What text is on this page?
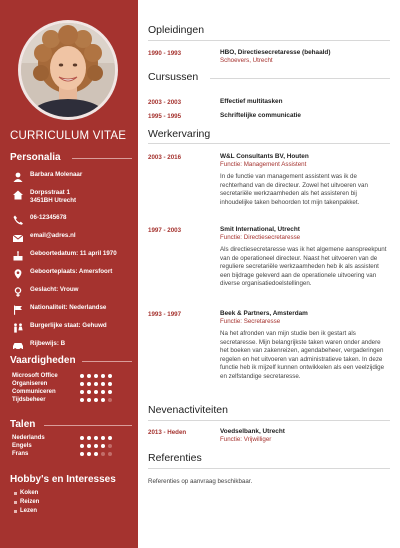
CURRICULUM VITAE
Personalia
Barbara Molenaar
Dorpsstraat 1
3451BH Utrecht
06-12345678
email@adres.nl
Geboortedatum: 11 april 1970
Geboorteplaats: Amersfoort
Geslacht: Vrouw
Nationaliteit: Nederlandse
Burgerlijke staat: Gehuwd
Rijbewijs: B
Vaardigheden
Microsoft Office
Organiseren
Communiceren
Tijdsbeheer
Talen
Nederlands
Engels
Frans
Hobby's en Interesses
Koken
Reizen
Lezen
Opleidingen
1990 - 1993	HBO, Directiesecretaresse (behaald)
Schoevers, Utrecht
Cursussen
2003 - 2003	Effectief multitasken
1995 - 1995	Schriftelijke communicatie
Werkervaring
2003 - 2016	W&L Consultants BV, Houten
Functie: Management Assistent
In de functie van management assistent was ik de rechterhand van de directeur. Zowel het uitvoeren van secretariële werkzaamheden als het assisteren bij inhoudelijke taken behoorden tot mijn takenpakket.
1997 - 2003	Smit International, Utrecht
Functie: Directiesecretaresse
Als directiesecretaresse was ik het algemene aanspreekpunt van de operationeel directeur. Naast het uitvoeren van de reguliere secretariële werkzaamheden heb ik als assistent een bijdrage geleverd aan de operationele uitvoering van diverse organisatiedoelstellingen.
1993 - 1997	Beek & Partners, Amsterdam
Functie: Secretaresse
Na het afronden van mijn studie ben ik gestart als secretaresse. Mijn belangrijkste taken waren onder andere het boeken van zakenreizen, agendabeheer, vergaderingen regelen en het uitvoeren van administratieve taken. In deze functie heb ik mijzelf kunnen ontwikkelen als een veelzijdige en zelfstandige secretaresse.
Nevenactiviteiten
2013 - Heden	Voedselbank, Utrecht
Functie: Vrijwilliger
Referenties
Referenties op aanvraag beschikbaar.
